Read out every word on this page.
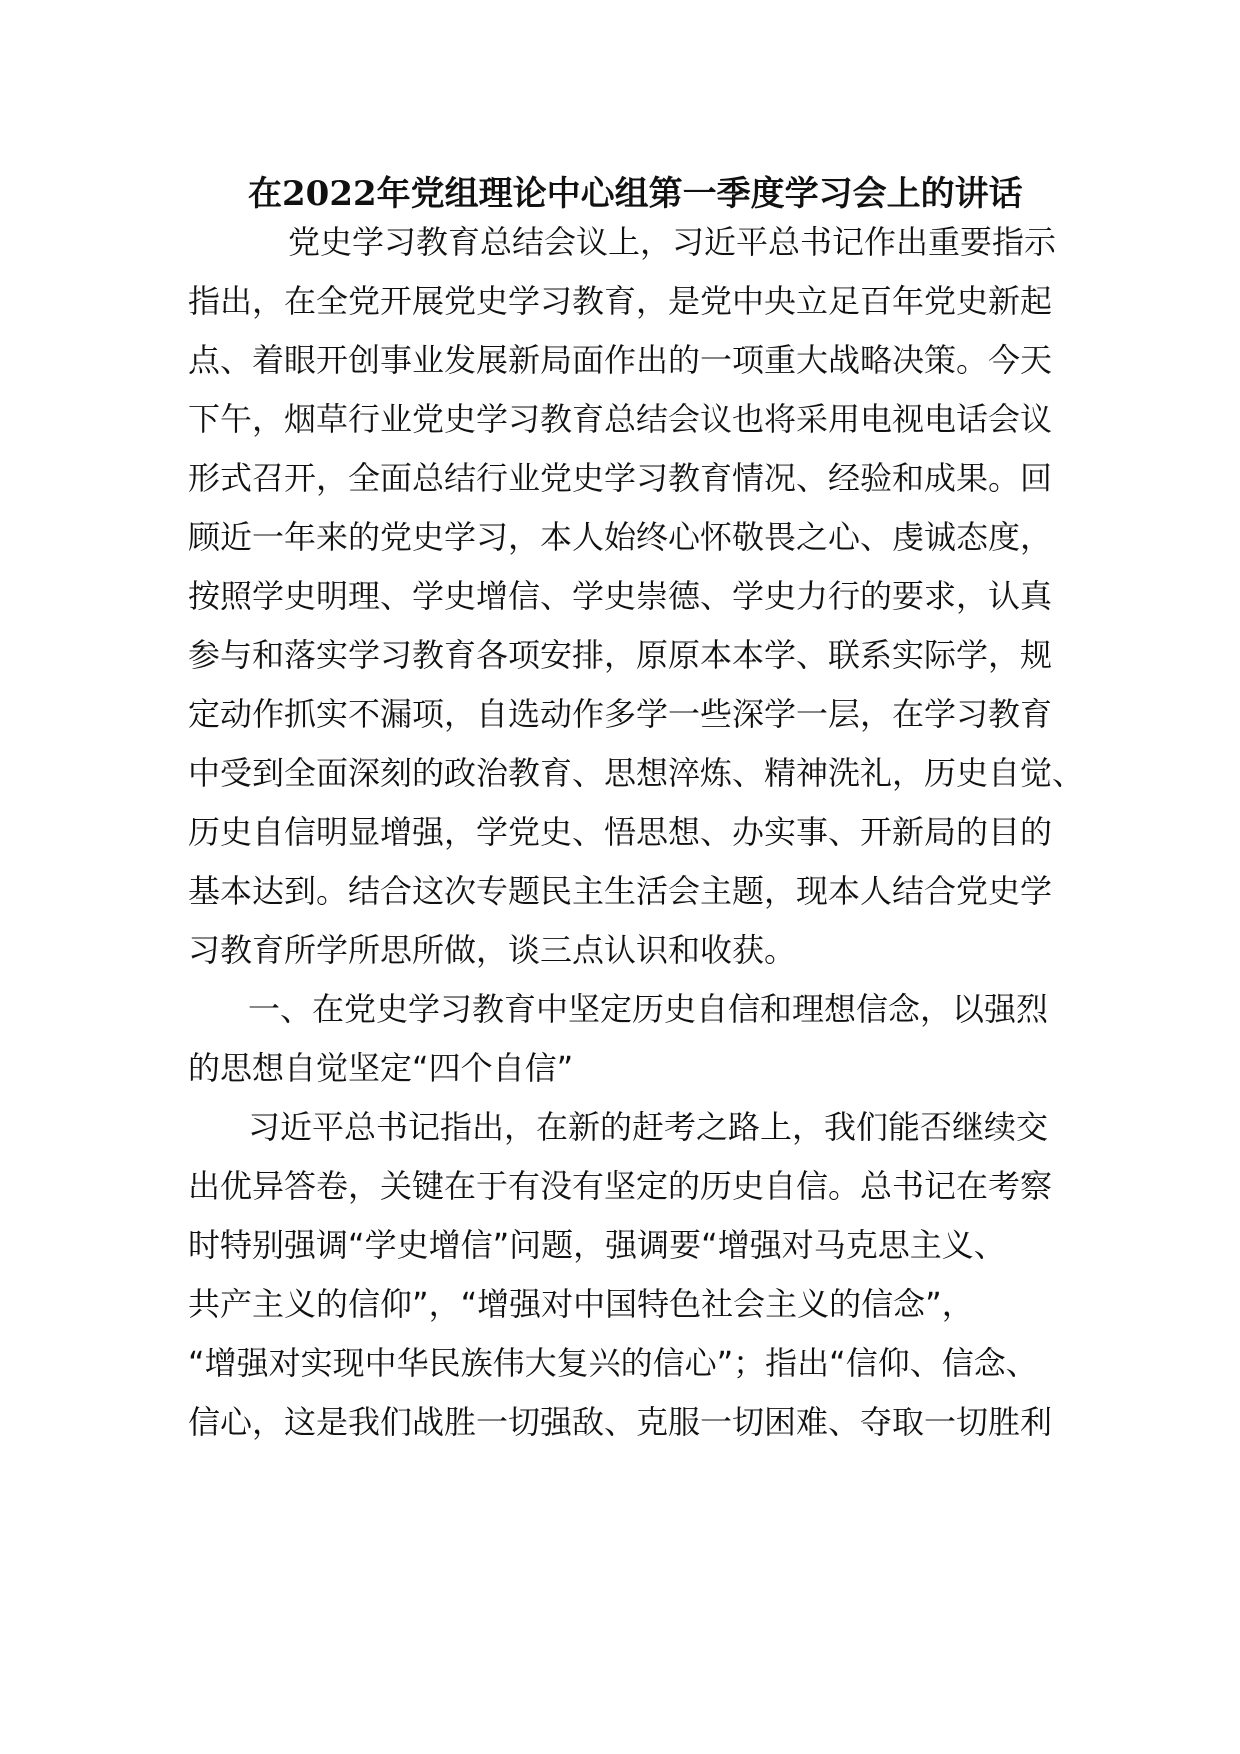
在2022年党组理论中心组第一季度学习会上的讲话

党史学习教育总结会议上，习近平总书记作出重要指示

指出，在全党开展党史学习教育，是党中央立足百年党史新起

点、着眼开创事业发展新局面作出的一项重大战略决策。今天

下午，烟草行业党史学习教育总结会议也将采用电视电话会议

形式召开，全面总结行业党史学习教育情况、经验和成果。回

顾近一年来的党史学习，本人始终心怀敬畏之心、虔诚态度，

按照学史明理、学史增信、学史崇德、学史力行的要求，认真

参与和落实学习教育各项安排，原原本本学、联系实际学，规

定动作抓实不漏项，自选动作多学一些深学一层，在学习教育

中受到全面深刻的政治教育、思想淬炼、精神洗礼，历史自觉、

历史自信明显增强，学党史、悟思想、办实事、开新局的目的

基本达到。结合这次专题民主生活会主题，现本人结合党史学

习教育所学所思所做，谈三点认识和收获。

一、在党史学习教育中坚定历史自信和理想信念，以强烈

的思想自觉坚定“四个自信”

习近平总书记指出，在新的赶考之路上，我们能否继续交

出优异答卷，关键在于有没有坚定的历史自信。总书记在考察

时特别强调“学史增信”问题，强调要“增强对马克思主义、

共产主义的信仰”，“增强对中国特色社会主义的信念”，

“增强对实现中华民族伟大复兴的信心”；指出“信仰、信念、

信心，这是我们战胜一切强敌、克服一切困难、夺取一切胜利
